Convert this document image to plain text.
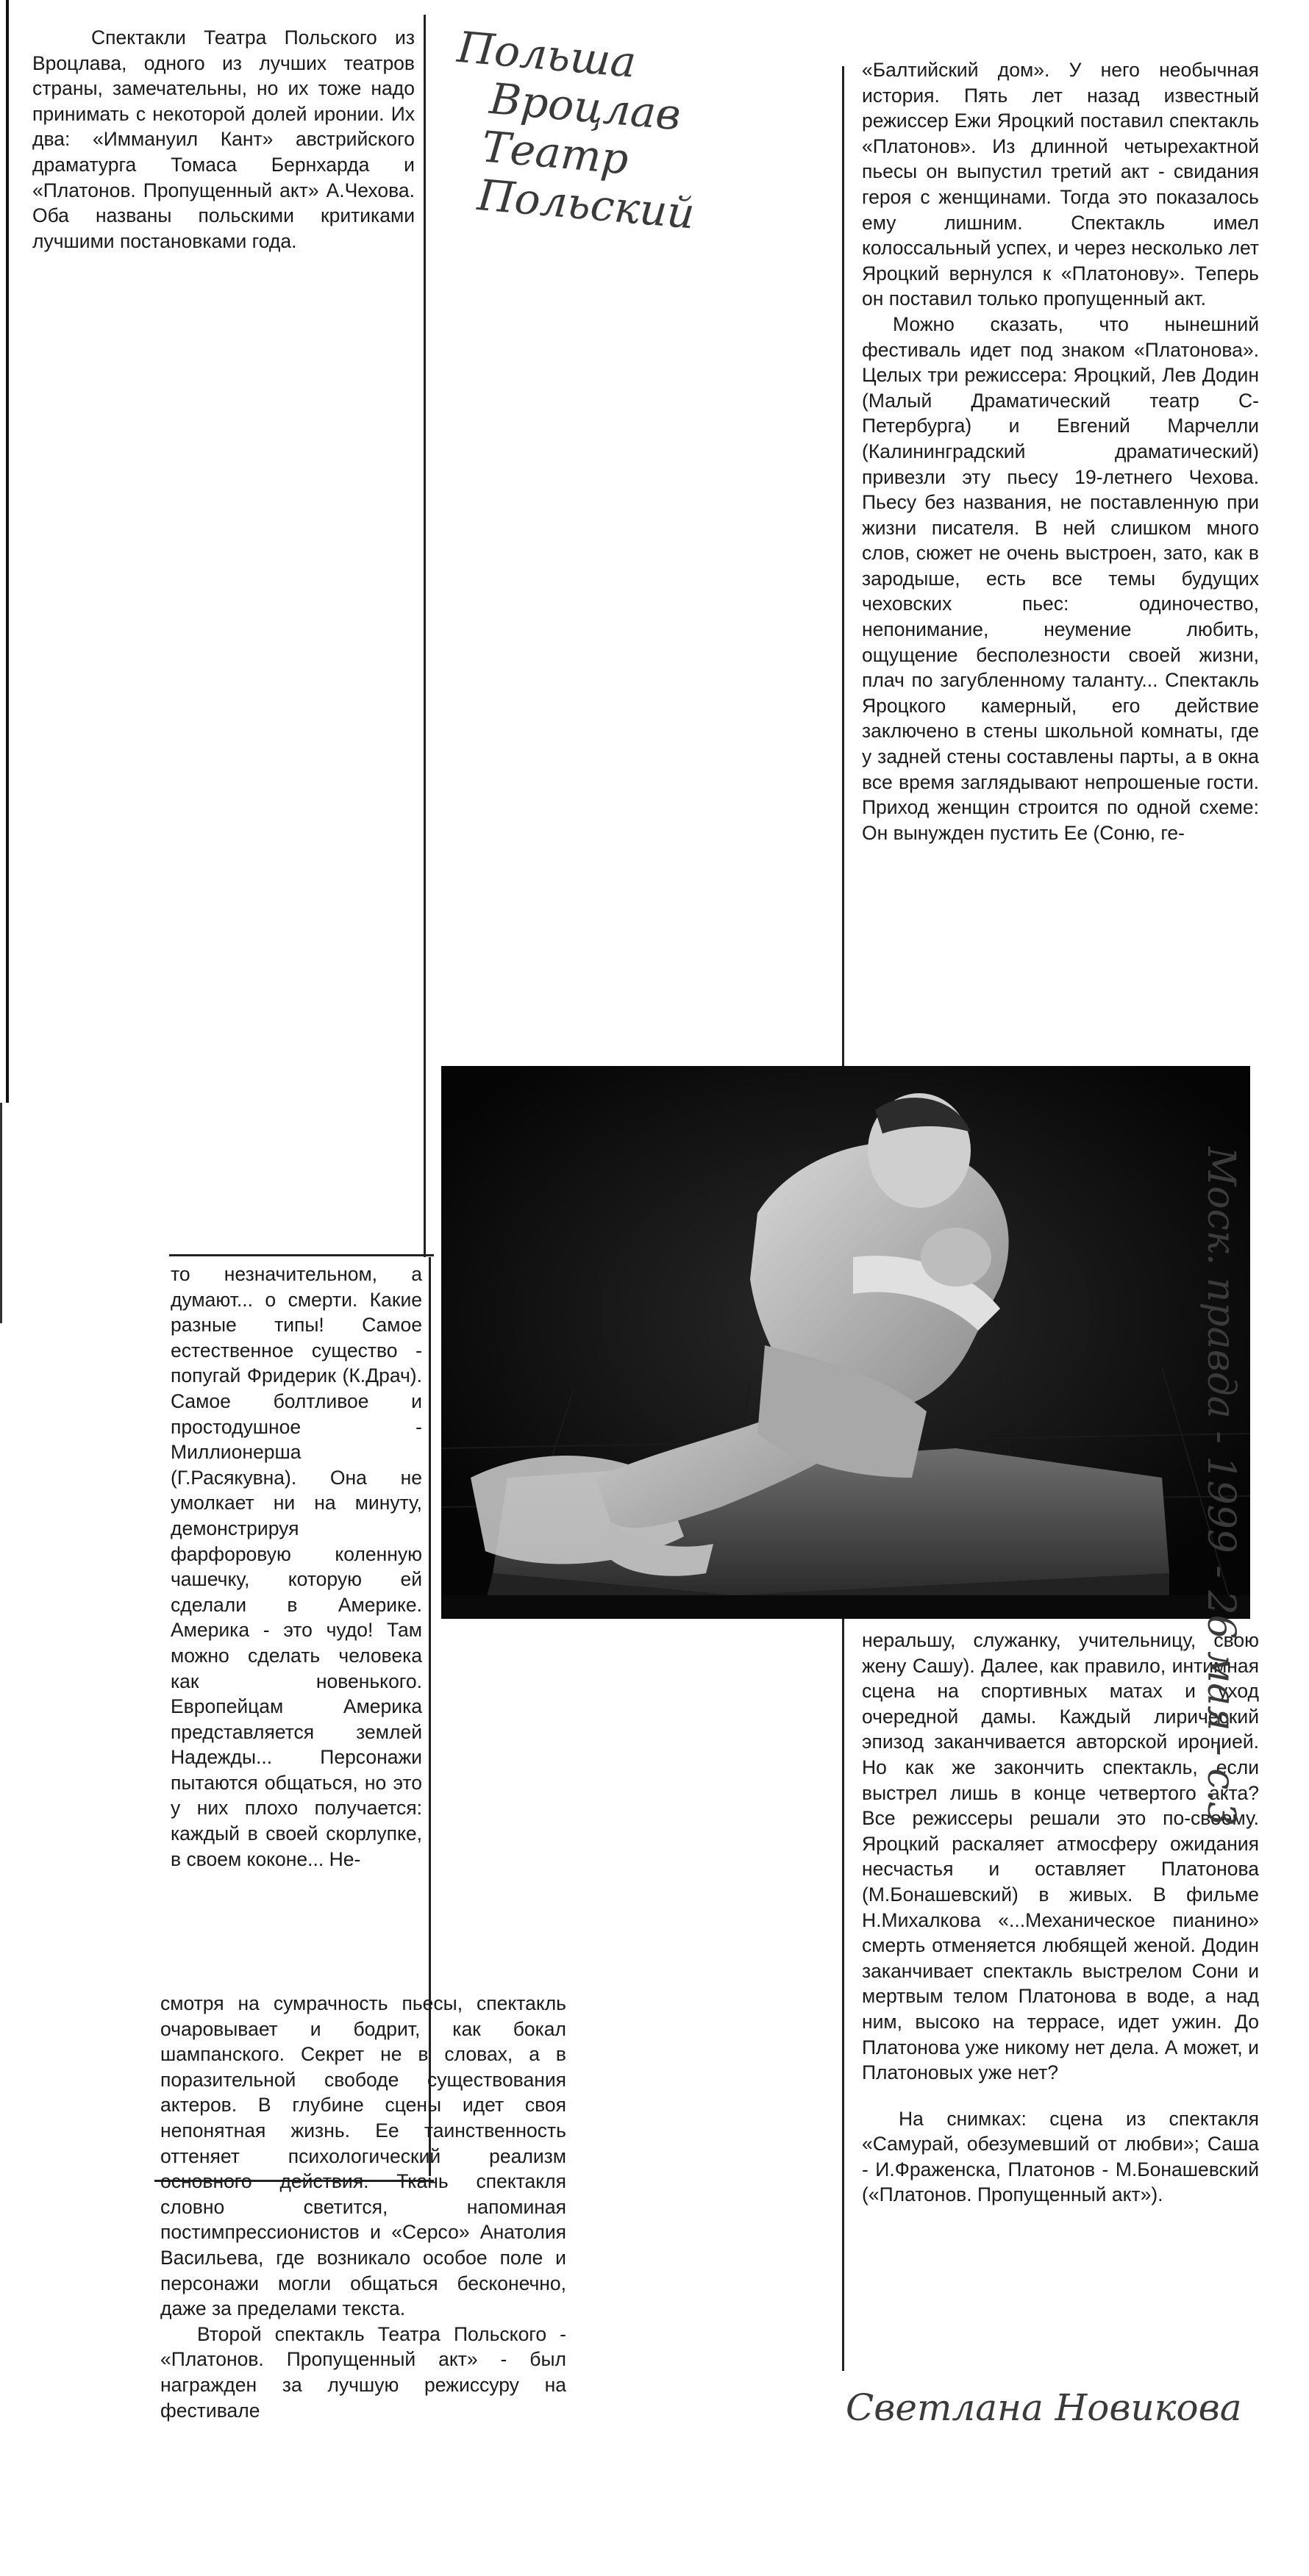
Польша
Вроцлав
Театр Польский

Спектакли Театра Польского из Вроцлава, одного из лучших театров страны, замечательны, но их тоже надо принимать с некоторой долей иронии. Их два: «Иммануил Кант» австрийского драматурга Томаса Бернхарда и «Платонов. Пропущенный акт» А.Чехова. Оба названы польскими критиками лучшими постановками года.

то незначительном, а думают... о смерти. Какие разные типы! Самое естественное существо - попугай Фридерик (К.Драч). Самое болтливое и простодушное - Миллионерша (Г.Расякувна). Она не умолкает ни на минуту, демонстрируя фарфоровую коленную чашечку, которую ей сделали в Америке. Америка - это чудо! Там можно сделать человека как новенького. Европейцам Америка представляется землей Надежды... Персонажи пытаются общаться, но это у них плохо получается: каждый в своей скорлупке, в своем коконе... Не-

смотря на сумрачность пьесы, спектакль очаровывает и бодрит, как бокал шампанского. Секрет не в словах, а в поразительной свободе существования актеров. В глубине сцены идет своя непонятная жизнь. Ее таинственность оттеняет психологический реализм основного действия. Ткань спектакля словно светится, напоминая постимпрессионистов и «Серсо» Анатолия Васильева, где возникало особое поле и персонажи могли общаться бесконечно, даже за пределами текста.

Второй спектакль Театра Польского - «Платонов. Пропущенный акт» - был награжден за лучшую режиссуру на фестивале

«Балтийский дом». У него необычная история. Пять лет назад известный режиссер Ежи Яроцкий поставил спектакль «Платонов». Из длинной четырехактной пьесы он выпустил третий акт - свидания героя с женщинами. Тогда это показалось ему лишним. Спектакль имел колоссальный успех, и через несколько лет Яроцкий вернулся к «Платонову». Теперь он поставил только пропущенный акт.

Можно сказать, что нынешний фестиваль идет под знаком «Платонова». Целых три режиссера: Яроцкий, Лев Додин (Малый Драматический театр С-Петербурга) и Евгений Марчелли (Калининградский драматический) привезли эту пьесу 19-летнего Чехова. Пьесу без названия, не поставленную при жизни писателя. В ней слишком много слов, сюжет не очень выстроен, зато, как в зародыше, есть все темы будущих чеховских пьес: одиночество, непонимание, неумение любить, ощущение бесполезности своей жизни, плач по загубленному таланту... Спектакль Яроцкого камерный, его действие заключено в стены школьной комнаты, где у задней стены составлены парты, а в окна все время заглядывают непрошеные гости. Приход женщин строится по одной схеме: Он вынужден пустить Ее (Соню, ге-

неральшу, служанку, учительницу, свою жену Сашу). Далее, как правило, интимная сцена на спортивных матах и уход очередной дамы. Каждый лирический эпизод заканчивается авторской иронией. Но как же закончить спектакль, если выстрел лишь в конце четвертого акта? Все режиссеры решали это по-своему. Яроцкий раскаляет атмосферу ожидания несчастья и оставляет Платонова (М.Бонашевский) в живых. В фильме Н.Михалкова «...Механическое пианино» смерть отменяется любящей женой. Додин заканчивает спектакль выстрелом Сони и мертвым телом Платонова в воде, а над ним, высоко на террасе, идет ужин. До Платонова уже никому нет дела. А может, и Платоновых уже нет?

На снимках: сцена из спектакля «Самурай, обезумевший от любви»; Саша - И.Фраженска, Платонов - М.Бонашевский («Платонов. Пропущенный акт»).

Моск. правда - 1999 - 26 мая - с.3
Светлана Новикова
